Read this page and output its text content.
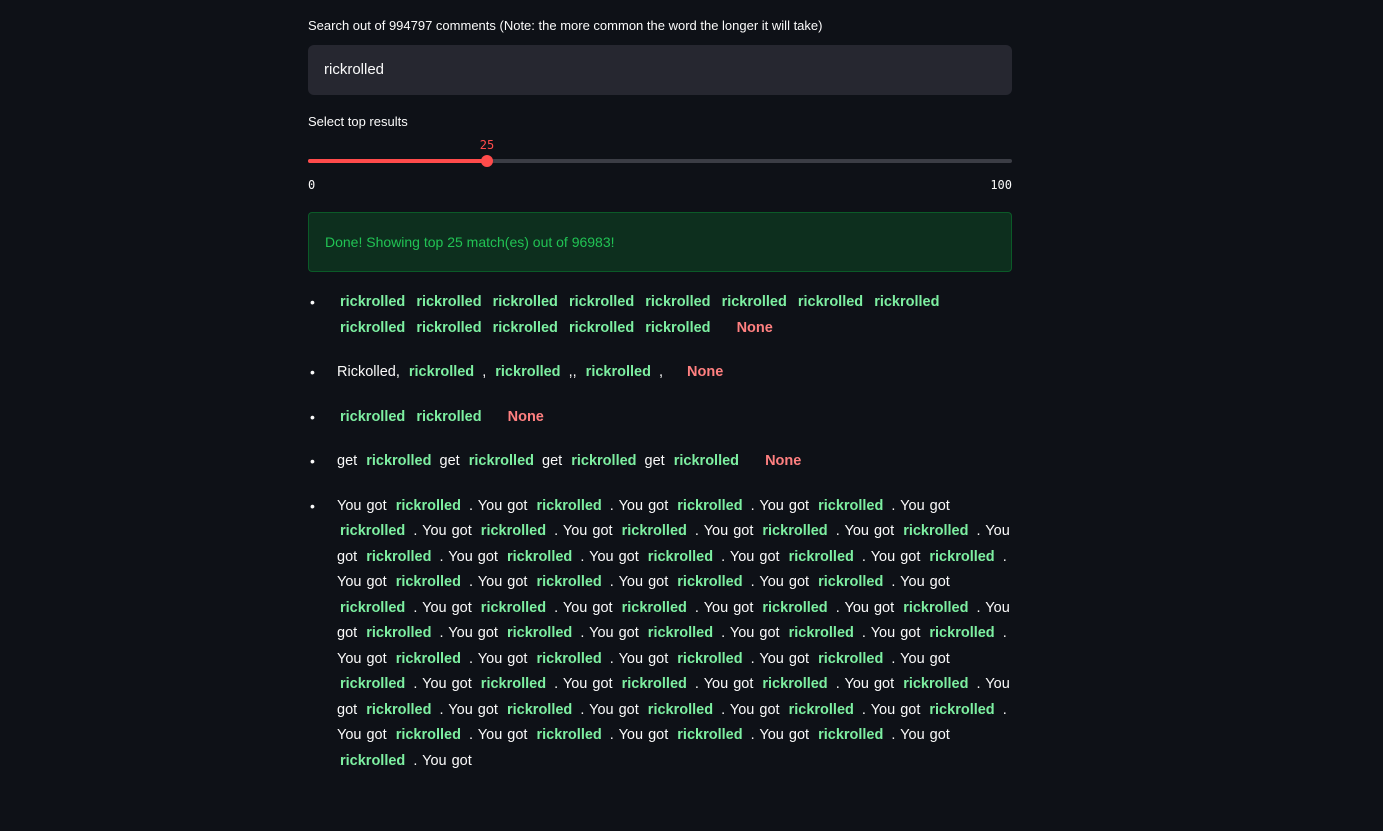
Search out of 994797 comments (Note: the more common the word the longer it will take)
rickrolled
Select top results
25
0	100
Done! Showing top 25 match(es) out of 96983!
• rickrolled rickrolled rickrolled rickrolled rickrolled rickrolled rickrolled rickrolled rickrolled rickrolled rickrolled rickrolled rickrolled None
• Rickolled, rickrolled , rickrolled ,, rickrolled , None
• rickrolled rickrolled None
• get rickrolled get rickrolled get rickrolled get rickrolled None
• You got rickrolled . You got rickrolled . You got rickrolled . You got rickrolled . You got rickrolled . You got rickrolled . You got rickrolled . You got rickrolled . You got rickrolled . You got rickrolled . You got rickrolled . You got rickrolled . You got rickrolled . You got rickrolled . You got rickrolled . You got rickrolled . You got rickrolled . You got rickrolled . You got rickrolled . You got rickrolled . You got rickrolled . You got rickrolled . You got rickrolled . You got rickrolled . You got rickrolled . You got rickrolled . You got rickrolled . You got rickrolled . You got rickrolled . You got rickrolled . You got rickrolled . You got rickrolled . You got rickrolled . You got rickrolled . You got rickrolled . You got rickrolled . You got rickrolled . You got rickrolled . You got rickrolled . You got rickrolled . You got rickrolled . You got rickrolled . You got rickrolled . You got rickrolled . You got rickrolled . You got rickrolled . You got rickrolled . You got
